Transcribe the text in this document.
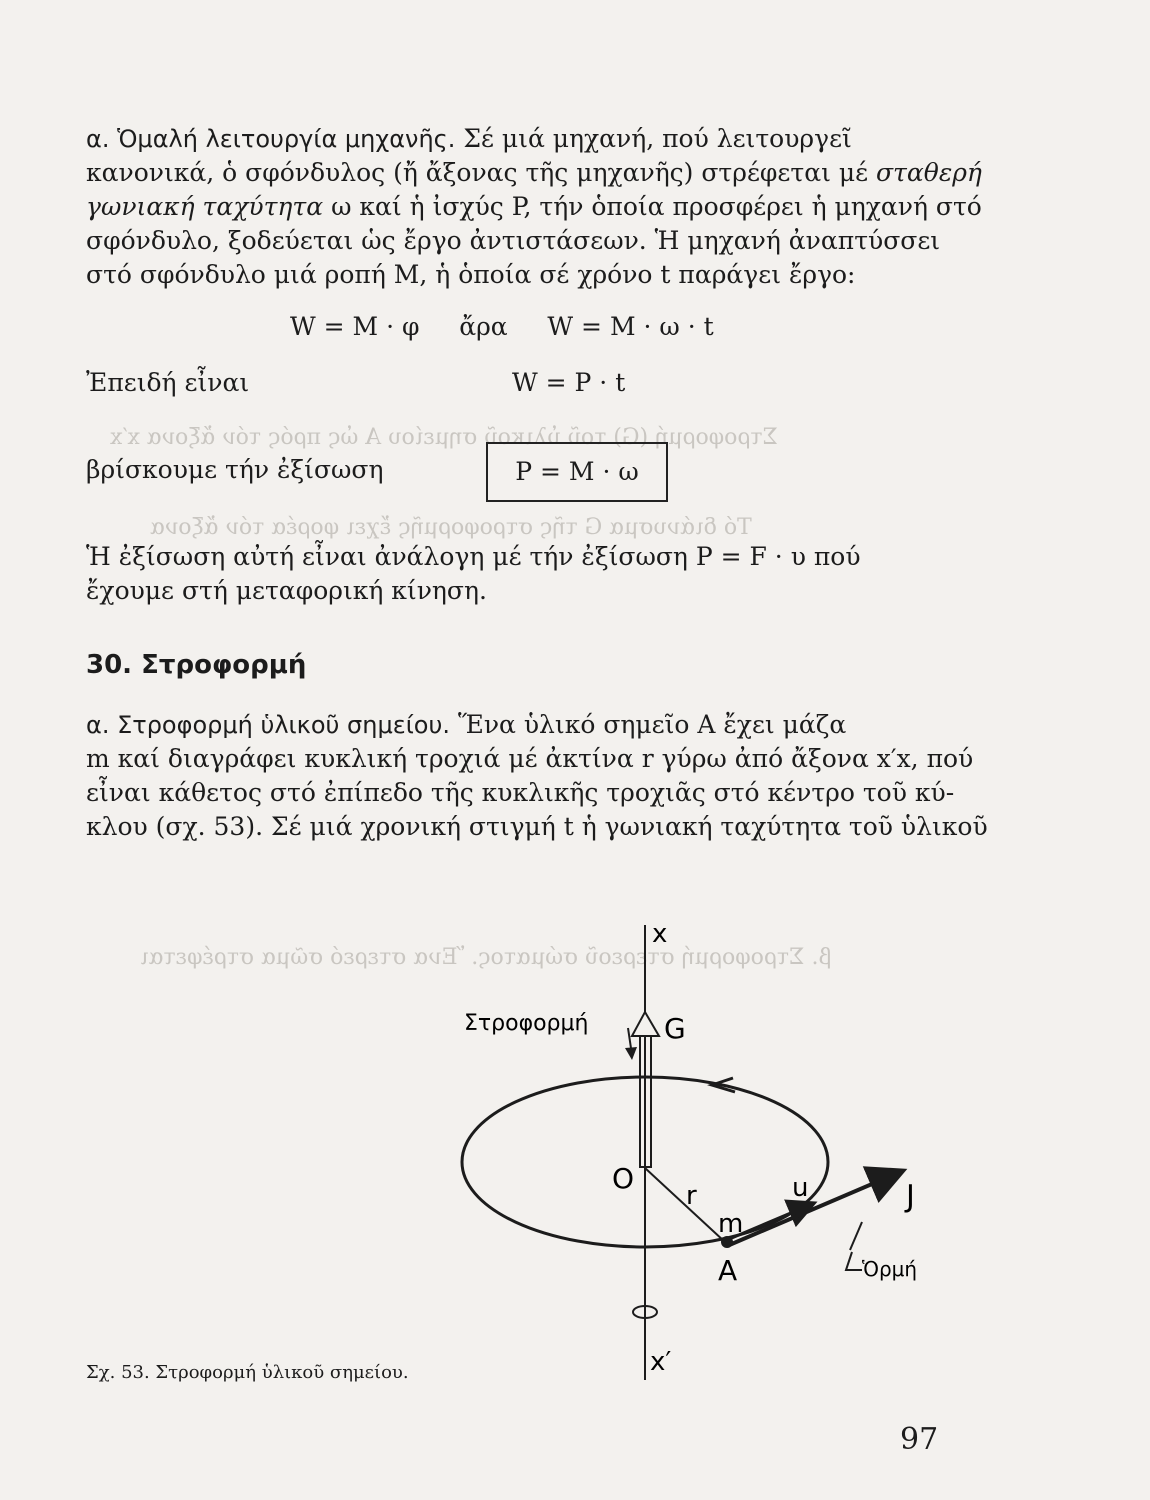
Τό διάνυσμα G τῆς στροφορμῆς ἔχει φορέα τόν ἄξονα
Στροφορμή (G) τοῦ ὑλικοῦ σημείου A ὡς πρός τόν ἄξονα x′x
β. Στροφορμή στερεοῦ σώματος. Ἕνα στερεό σῶμα στρέφεται
α. Ὁμαλή λειτουργία μηχανῆς. Σέ μιά μηχανή, πού λειτουργεῖ
κανονικά, ὁ σφόνδυλος (ἤ ἄξονας τῆς μηχανῆς) στρέφεται μέ σταθερή
γωνιακή ταχύτητα ω καί ἡ ἰσχύς P, τήν ὁποία προσφέρει ἡ μηχανή στό
σφόνδυλο, ξοδεύεται ὡς ἔργο ἀντιστάσεων. Ἡ μηχανή ἀναπτύσσει
στό σφόνδυλο μιά ροπή M, ἡ ὁποία σέ χρόνο t παράγει ἔργο:
W = M · φ     ἄρα     W = M · ω · t
Ἐπειδή εἶναι	W = P · t
βρίσκουμε τήν ἐξίσωση	P = M · ω
Ἡ ἐξίσωση αὐτή εἶναι ἀνάλογη μέ τήν ἐξίσωση P = F · υ πού
ἔχουμε στή μεταφορική κίνηση.
30. Στροφορμή
α. Στροφορμή ὑλικοῦ σημείου. Ἕνα ὑλικό σημεῖο A ἔχει μάζα
m καί διαγράφει κυκλική τροχιά μέ ἀκτίνα r γύρω ἀπό ἄξονα x′x, πού
εἶναι κάθετος στό ἐπίπεδο τῆς κυκλικῆς τροχιᾶς στό κέντρο τοῦ κύ-
κλου (σχ. 53). Σέ μιά χρονική στιγμή t ἡ γωνιακή ταχύτητα τοῦ ὑλικοῦ
x
x′
Στροφορμή	G
O
r
m
A
u	J
Ὁρμή
Σχ. 53. Στροφορμή ὑλικοῦ σημείου.
97
